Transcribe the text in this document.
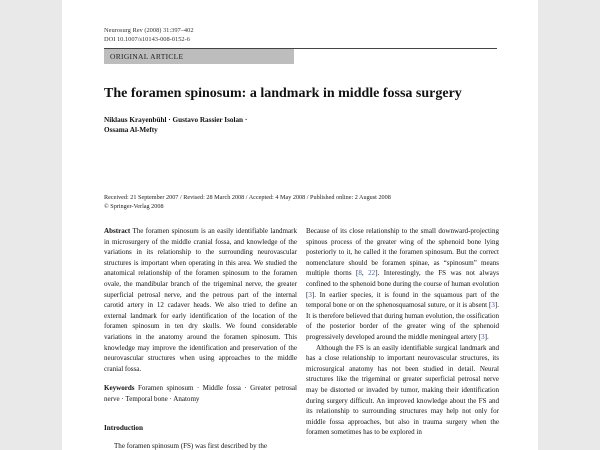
Neurosurg Rev (2008) 31:397–402
DOI 10.1007/s10143-008-0152-6
ORIGINAL ARTICLE
The foramen spinosum: a landmark in middle fossa surgery
Niklaus Krayenbühl · Gustavo Rassier Isolan ·
Ossama Al-Mefty
Received: 21 September 2007 / Revised: 28 March 2008 / Accepted: 4 May 2008 / Published online: 2 August 2008
© Springer-Verlag 2008

Abstract The foramen spinosum is an easily identifiable landmark in microsurgery of the middle cranial fossa, and knowledge of the variations in its relationship to the surrounding neurovascular structures is important when operating in this area. We studied the anatomical relationship of the foramen spinosum to the foramen ovale, the mandibular branch of the trigeminal nerve, the greater superficial petrosal nerve, and the petrous part of the internal carotid artery in 12 cadaver heads. We also tried to define an external landmark for early identification of the location of the foramen spinosum in ten dry skulls. We found considerable variations in the anatomy around the foramen spinosum. This knowledge may improve the identification and preservation of the neurovascular structures when using approaches to the middle cranial fossa.

Keywords Foramen spinosum · Middle fossa · Greater petrosal nerve · Temporal bone · Anatomy

Introduction

The foramen spinosum (FS) was first described by the

Because of its close relationship to the small downward-projecting spinous process of the greater wing of the sphenoid bone lying posteriorly to it, he called it the foramen spinosum. But the correct nomenclature should be foramen spinae, as “spinosum” means multiple thorns [8, 22]. Interestingly, the FS was not always confined to the sphenoid bone during the course of human evolution [3]. In earlier species, it is found in the squamous part of the temporal bone or on the sphenosquamosal suture, or it is absent [3]. It is therefore believed that during human evolution, the ossification of the posterior border of the greater wing of the sphenoid progressively developed around the middle meningeal artery [3].

Although the FS is an easily identifiable surgical landmark and has a close relationship to important neurovascular structures, its microsurgical anatomy has not been studied in detail. Neural structures like the trigeminal or greater superficial petrosal nerve may be distorted or invaded by tumor, making their identification during surgery difficult. An improved knowledge about the FS and its relationship to surrounding structures may help not only for middle fossa approaches, but also in trauma surgery when the foramen sometimes has to be explored in
